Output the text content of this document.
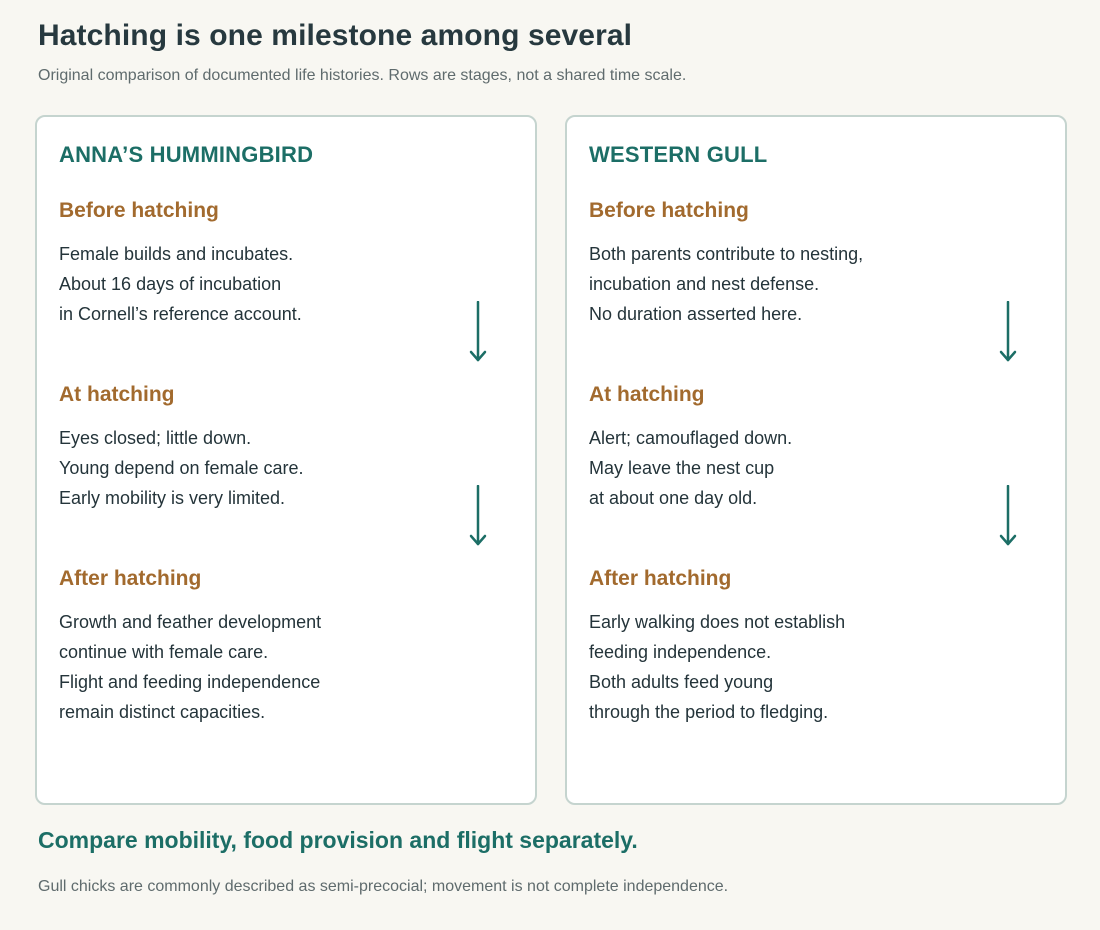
Hatching is one milestone among several

Original comparison of documented life histories. Rows are stages, not a shared time scale.

ANNA’S HUMMINGBIRD
Before hatching
Female builds and incubates.
About 16 days of incubation
in Cornell’s reference account.
At hatching
Eyes closed; little down.
Young depend on female care.
Early mobility is very limited.
After hatching
Growth and feather development
continue with female care.
Flight and feeding independence
remain distinct capacities.
WESTERN GULL
Before hatching
Both parents contribute to nesting,
incubation and nest defense.
No duration asserted here.
At hatching
Alert; camouflaged down.
May leave the nest cup
at about one day old.
After hatching
Early walking does not establish
feeding independence.
Both adults feed young
through the period to fledging.
Compare mobility, food provision and flight separately.

Gull chicks are commonly described as semi-precocial; movement is not complete independence.
